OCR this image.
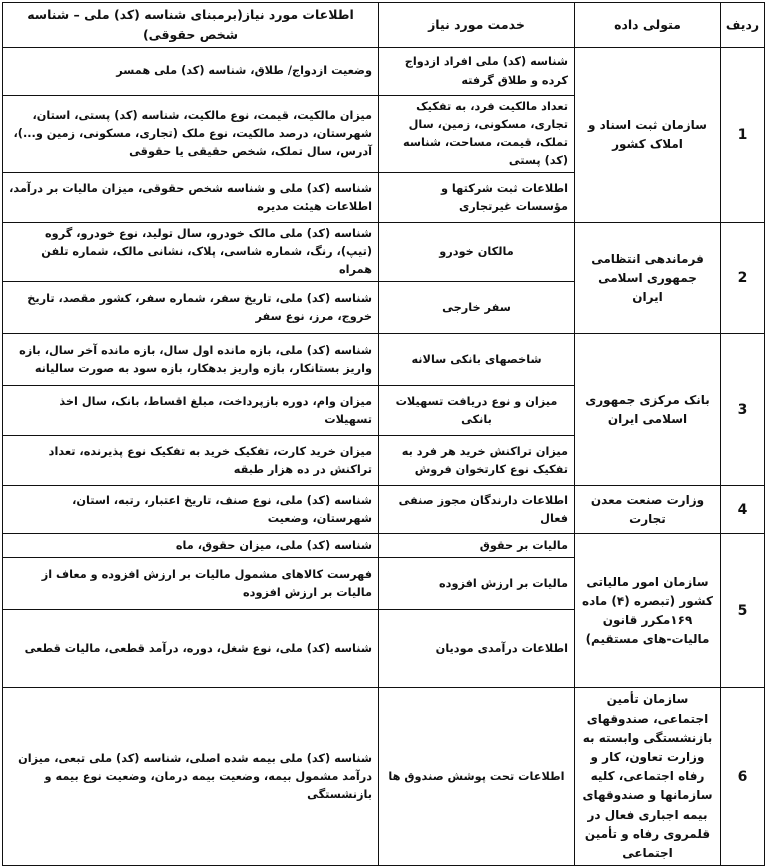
ردیف	متولی داده	خدمت مورد نیاز	اطلاعات مورد نیاز(برمبنای شناسه (کد) ملی – شناسه شخص حقوقی)
1	سازمان ثبت اسناد و املاک کشور	شناسه (کد) ملی افراد ازدواج کرده و طلاق گرفته	وضعیت ازدواج/ طلاق، شناسه (کد) ملی همسر
		تعداد مالکیت فرد، به تفکیک تجاری، مسکونی، زمین، سال تملک، قیمت، مساحت، شناسه (کد) پستی	میزان مالکیت، قیمت، نوع مالکیت، شناسه (کد) پستی، استان، شهرستان، درصد مالکیت، نوع ملک (تجاری، مسکونی، زمین و...)، آدرس، سال تملک، شخص حقیقی یا حقوقی
		اطلاعات ثبت شرکتها و مؤسسات غیرتجاری	شناسه (کد) ملی و شناسه شخص حقوقی، میزان مالیات بر درآمد، اطلاعات هیئت مدیره
2	فرماندهی انتظامی جمهوری اسلامی ایران	مالکان خودرو	شناسه (کد) ملی مالک خودرو، سال تولید، نوع خودرو، گروه (تیپ)، رنگ، شماره شاسی، پلاک، نشانی مالک، شماره تلفن همراه
		سفر خارجی	شناسه (کد) ملی، تاریخ سفر، شماره سفر، کشور مقصد، تاریخ خروج، مرز، نوع سفر
3	بانک مرکزی جمهوری اسلامی ایران	شاخصهای بانکی سالانه	شناسه (کد) ملی، بازه مانده اول سال، بازه مانده آخر سال، بازه واریز بستانکار، بازه واریز بدهکار، بازه سود به صورت سالیانه
		میزان و نوع دریافت تسهیلات بانکی	میزان وام، دوره بازپرداخت، مبلغ اقساط، بانک، سال اخذ تسهیلات
		میزان تراکنش خرید هر فرد به تفکیک نوع کارتخوان فروش	میزان خرید کارت، تفکیک خرید به تفکیک نوع پذیرنده، تعداد تراکنش در ده هزار طبقه
4	وزارت صنعت معدن تجارت	اطلاعات دارندگان مجوز صنفی فعال	شناسه (کد) ملی، نوع صنف، تاریخ اعتبار، رتبه، استان، شهرستان، وضعیت
5	سازمان امور مالیاتی کشور (تبصره (۴) ماده ۱۶۹مکرر قانون مالیات-های مستقیم)	مالیات بر حقوق	شناسه (کد) ملی، میزان حقوق، ماه
		مالیات بر ارزش افزوده	فهرست کالاهای مشمول مالیات بر ارزش افزوده و معاف از مالیات بر ارزش افزوده
		اطلاعات درآمدی مودیان	شناسه (کد) ملی، نوع شغل، دوره، درآمد قطعی، مالیات قطعی
6	سازمان تأمین اجتماعی، صندوقهای بازنشستگی وابسته به وزارت تعاون، کار و رفاه اجتماعی، کلیه سازمانها و صندوقهای بیمه اجباری فعال در قلمروی رفاه و تأمین اجتماعی	اطلاعات تحت پوشش صندوق ها	شناسه (کد) ملی بیمه شده اصلی، شناسه (کد) ملی تبعی، میزان درآمد مشمول بیمه، وضعیت بیمه درمان، وضعیت نوع بیمه و بازنشستگی
